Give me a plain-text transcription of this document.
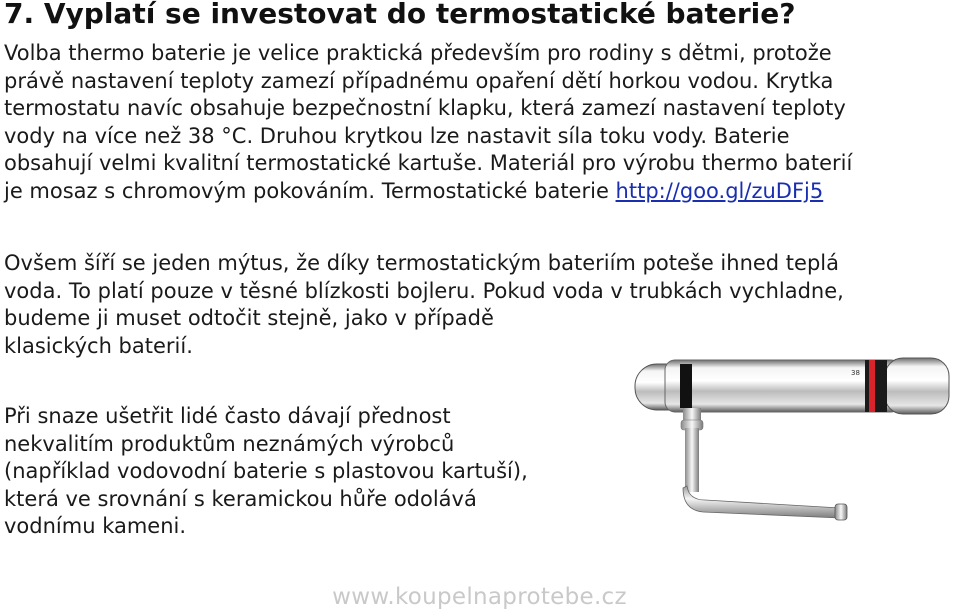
7. Vyplatí se investovat do termostatické baterie?
Volba thermo baterie je velice praktická především pro rodiny s dětmi, protože
právě nastavení teploty zamezí případnému opaření dětí horkou vodou. Krytka
termostatu navíc obsahuje bezpečnostní klapku, která zamezí nastavení teploty
vody na více než 38 °C. Druhou krytkou lze nastavit síla toku vody. Baterie
obsahují velmi kvalitní termostatické kartuše. Materiál pro výrobu thermo baterií
je mosaz s chromovým pokováním. Termostatické baterie http://goo.gl/zuDFj5
Ovšem šíří se jeden mýtus, že díky termostatickým bateriím poteše ihned teplá
voda. To platí pouze v těsné blízkosti bojleru. Pokud voda v trubkách vychladne,
budeme ji muset odtočit stejně, jako v případě
klasických baterií.
Při snaze ušetřit lidé často dávají přednost
nekvalitím produktům neznámých výrobců
(například vodovodní baterie s plastovou kartuší),
která ve srovnání s keramickou hůře odolává
vodnímu kameni.
38
www.koupelnaprotebe.cz
